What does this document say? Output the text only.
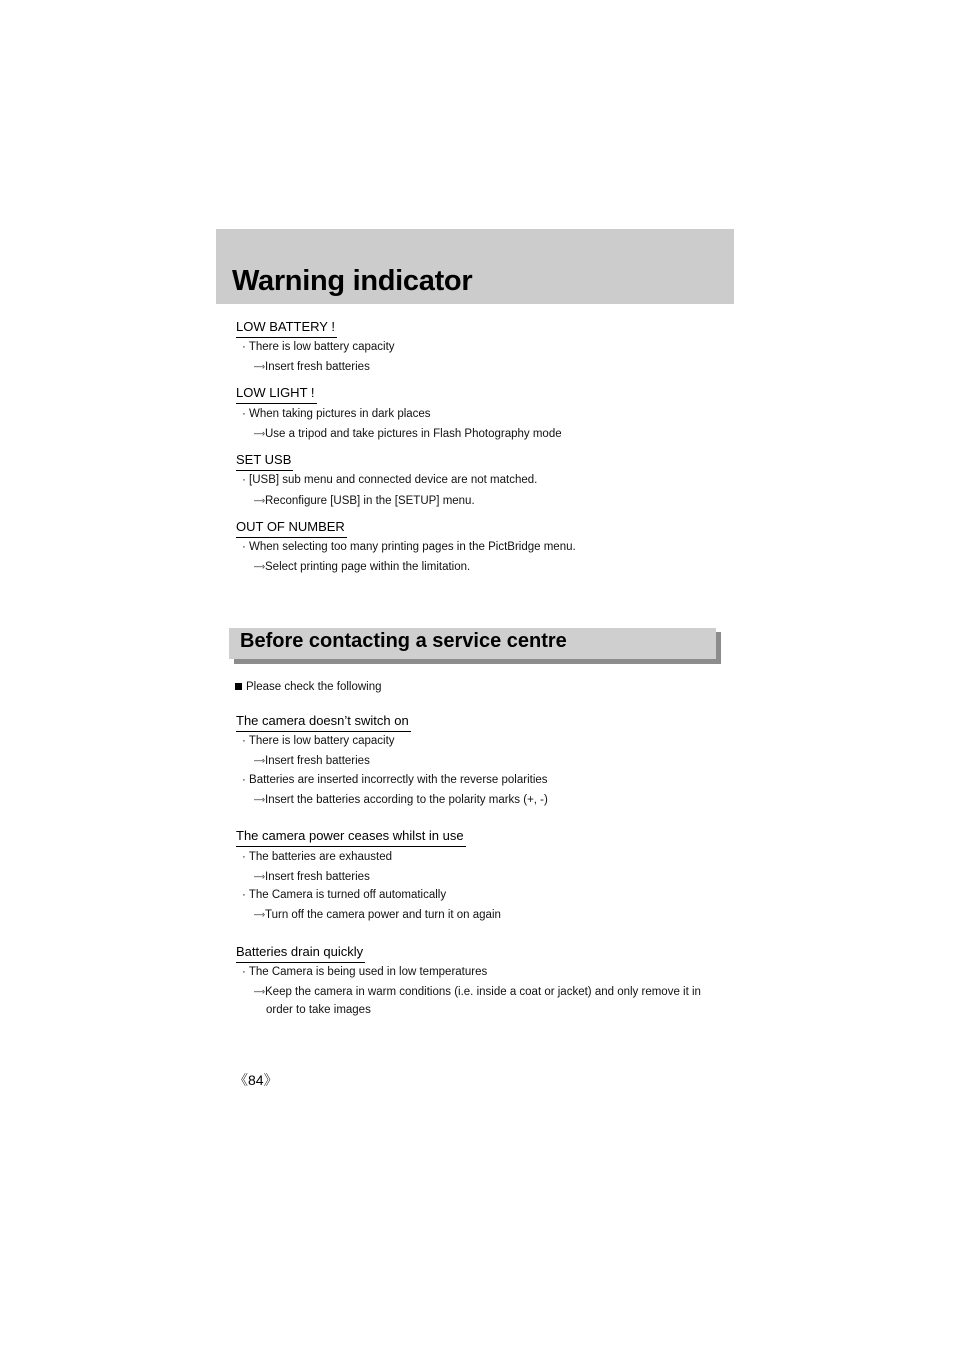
Warning indicator
LOW BATTERY !
· There is low battery capacity
—›Insert fresh batteries
LOW LIGHT !
· When taking pictures in dark places
—›Use a tripod and take pictures in Flash Photography mode
SET USB
· [USB] sub menu and connected device are not matched.
—›Reconfigure [USB] in the [SETUP] menu.
OUT OF NUMBER
· When selecting too many printing pages in the PictBridge menu.
—›Select printing page within the limitation.
Before contacting a service centre
Please check the following
The camera doesn’t switch on
· There is low battery capacity
—›Insert fresh batteries
· Batteries are inserted incorrectly with the reverse polarities
—›Insert the batteries according to the polarity marks (+, -)
The camera power ceases whilst in use
· The batteries are exhausted
—›Insert fresh batteries
· The Camera is turned off automatically
—›Turn off the camera power and turn it on again
Batteries drain quickly
· The Camera is being used in low temperatures
—›Keep the camera in warm conditions (i.e. inside a coat or jacket) and only remove it in
order to take images
《84》
